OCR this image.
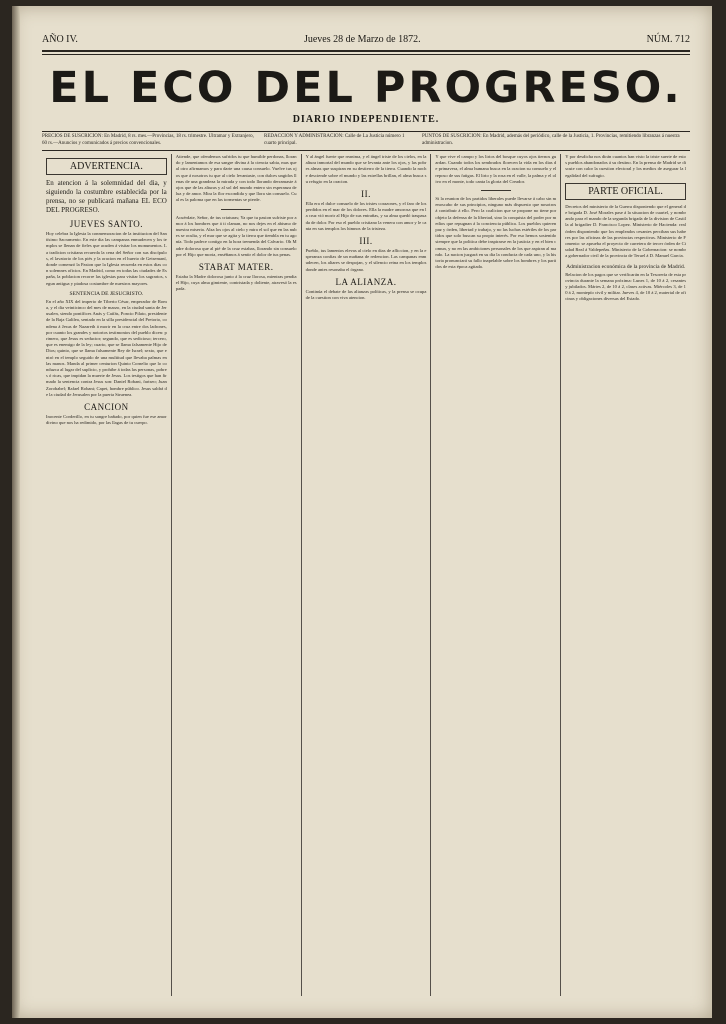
AÑO IV.	Jueves 28 de Marzo de 1872.	NÚM. 712
EL ECO DEL PROGRESO.
DIARIO INDEPENDIENTE.
PRECIOS DE SUSCRICION: En Madrid, 8 rs. mes.—Provincias, 18 rs. trimestre. Ultramar y Extranjero, 60 rs.—Anuncios y comunicados á precios convencionales.
REDACCION Y ADMINISTRACION: Calle de La Justicia número 1 cuarto principal.
PUNTOS DE SUSCRICION: En Madrid, además del periódico, calle de la Justicia, 1. Provincias, remitiendo libranzas á nuestra administracion.
ADVERTENCIA.
En atencion á la solemnidad del dia, y siguiendo la costumbre establecida por la prensa, no se publicará mañana EL ECO DEL PROGRESO.
JUEVES SANTO.
Hoy celebra la Iglesia la conmemoracion de la institucion del Santísimo Sacramento. En este dia las campanas enmudecen y los templos se llenan de fieles que acuden á visitar los monumentos. La tradicion cristiana recuerda la cena del Señor con sus discípulos, el lavatorio de los piés y la oracion en el huerto de Getsemaní, donde comenzó la Pasion que la Iglesia recuerda en estos dias con solemnes oficios. En Madrid, como en todas las ciudades de España, la poblacion recorre las iglesias para visitar los sagrarios, segun antigua y piadosa costumbre de nuestros mayores.
SENTENCIA DE JESUCRISTO.
En el año XIX del imperio de Tiberio César, emperador de Roma, y el dia veinticinco del mes de marzo, en la ciudad santa de Jerusalen, siendo pontífices Anás y Caifás, Poncio Pilato, presidente de la Baja Galilea, sentado en la silla presidencial del Pretorio, condena á Jesus de Nazareth á morir en la cruz entre dos ladrones, por cuanto los grandes y notorios testimonios del pueblo dicen: primero, que Jesus es seductor; segundo, que es sedicioso; tercero, que es enemigo de la ley; cuarto, que se llama falsamente Hijo de Dios; quinto, que se llama falsamente Rey de Israel; sexto, que entró en el templo seguido de una multitud que llevaba palmas en las manos. Manda al primer centurion Quinto Cornelio que lo conduzca al lugar del suplicio, y prohibe á todas las personas, pobres ó ricas, que impidan la muerte de Jesus. Los testigos que han firmado la sentencia contra Jesus son: Daniel Robani, fariseo; Juan Zorobabel; Rafael Robani; Capet, hombre público. Jesus saldrá de la ciudad de Jerusalen por la puerta Struenea.
CANCION
Inocente Corderillo, en tu sangre bañado, por quien fue ese amor divino que nos ha redimido, por las llagas de tu cuerpo.
Atiende, que ofendemos sufridos tu que humilde perdonas, llorando y lamentamos de esa sangre divina á la ciencia sabia, mas que al otro afirmamos y para darte una causa consuelo. Vuelve tus ojos que á nosotros tu que al cielo levantaste, con dulces ungidos llenas de una grandeza la mirada y con todo llorando derramaste á ojos que de las alturas y al sol del mundo entero sin esperanza de luz y de amor. Mira la flor escondida y que llora sin consuelo. Cual es la paloma que en las tormentas se pierde.
Acuérdate, Señor, de tus criaturas; Ya que tu pasion sufriste por amor á los hombres que á ti claman, no nos dejes en el abismo de nuestra miseria. Alza los ojos al cielo y mira el sol que en las nubes se oculta, y el mar que se agita y la tierra que tiembla en tu agonía. Todo padece contigo en la hora tremenda del Calvario. Oh Madre dolorosa que al pié de la cruz estabas, llorando sin consuelo por el Hijo que moria, enséñanos á sentir el dolor de tus penas.
STABAT MATER.
Estaba la Madre dolorosa junto á la cruz llorosa, mientras pendia el Hijo, cuya alma gimiente, contristada y doliente, atravesó la espada.
Y al ángel fuerte que reanima, y el ángel triste de los cielos, en la altura inmortal del mundo que se levanta ante los ojos, y las pobres almas que suspiran en su destierro de la tierra. Cuando la noche desciende sobre el mundo y las estrellas brillan, el alma busca su refugio en la oracion.
II.
Ella era el dulce consuelo de los tristes corazones, y el faro de los perdidos en el mar de los dolores. Ella la madre amorosa que en la cruz vió morir al Hijo de sus entrañas, y su alma quedó traspasada de dolor. Por eso el pueblo cristiano la venera con amor y le canta en sus templos los himnos de la tristeza.
III.
Pueblo, tus lamentos elevas al cielo en dias de afliccion, y en la esperanza confias de un mañana de redencion. Las campanas enmudecen, los altares se despojan, y el silencio reina en los templos donde antes resonaba el órgano.
LA ALIANZA.
Continúa el debate de las alianzas políticas, y la prensa se ocupa de la cuestion con viva atencion.
Y que vive el campo y los lirios del bosque cuyos ojos tiernos guardan. Cuando todos los sembrados florecen la vida en los dias de primavera, el alma humana busca en la oracion su consuelo y el reposo de sus fatigas. El lirio y la rosa en el valle, la palma y el olivo en el monte, todo canta la gloria del Creador.
Si la reunion de los partidos liberales puede llevarse á cabo sin menoscabo de sus principios, ninguno más dispuesto que nosotros á contribuir á ello. Pero la coalicion que se propone no tiene por objeto la defensa de la libertad, sino la conquista del poder por medios que repugnan á la conciencia pública. Los pueblos quieren paz y órden, libertad y trabajo, y no las luchas estériles de los partidos que solo buscan su propio interés. Por eso hemos sostenido siempre que la politica debe inspirarse en la justicia y en el bien comun, y no en las ambiciones personales de los que aspiran al mando. La nacion juzgará en su dia la conducta de cada uno, y la historia pronunciará su fallo inapelable sobre los hombres y los partidos de esta época agitada.
Y por desdicha nos dirán cuantos han visto la triste suerte de estos pueblos abandonados á su destino. En la prensa de Madrid se discute con calor la cuestion electoral y los medios de asegurar la legalidad del sufragio.
PARTE OFICIAL.
Decretos del ministerio de la Guerra disponiendo que el general de brigada D. José Morales pase á la situacion de cuartel, y nombrando para el mando de la segunda brigada de la division de Castilla al brigadier D. Francisco Lopez. Ministerio de Hacienda: real órden disponiendo que los empleados cesantes perciban sus haberes por las oficinas de las provincias respectivas. Ministerio de Fomento: se aprueba el proyecto de carretera de tercer órden de Ciudad Real á Valdepeñas. Ministerio de la Gobernacion: se nombra gobernador civil de la provincia de Teruel á D. Manuel Garcia.
Administracion económica de la provincia de Madrid.
Relacion de los pagos que se verificarán en la Tesorería de esta provincia durante la semana próxima: Lunes 1, de 10 á 2, cesantes y jubilados. Mártes 2, de 10 á 2, clases activas. Miércoles 3, de 10 á 2, montepío civil y militar. Jueves 4, de 10 á 2, material de oficinas y obligaciones diversas del Estado.
